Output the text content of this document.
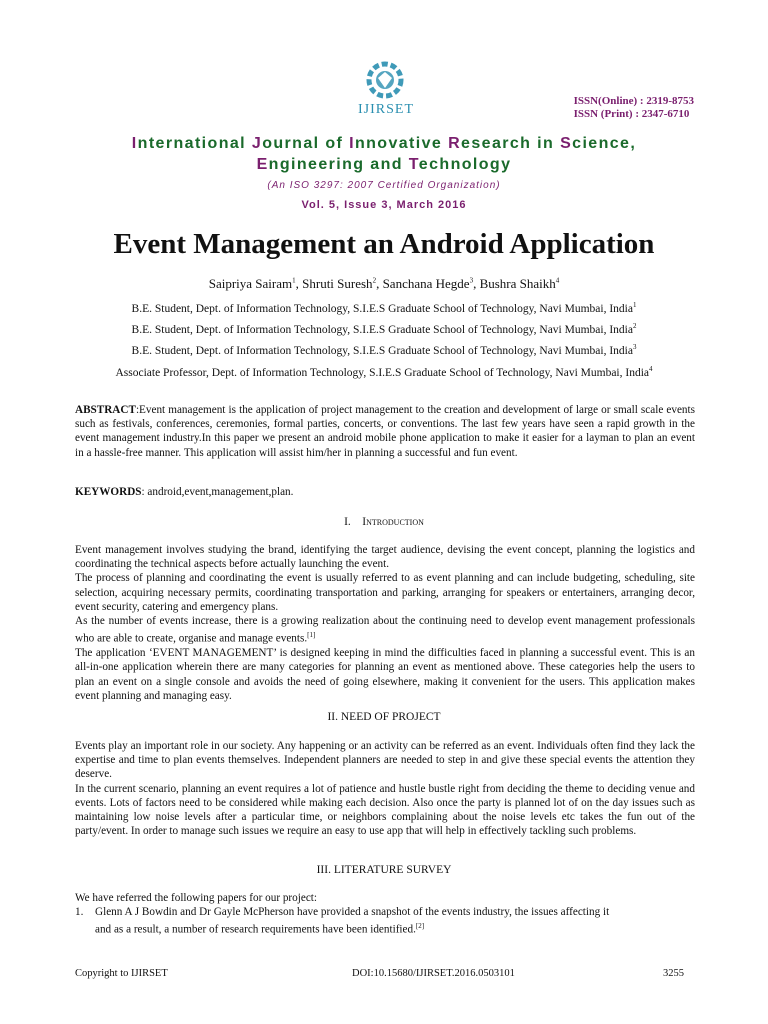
IJIRSET
ISSN(Online) : 2319-8753
ISSN (Print) : 2347-6710
International Journal of Innovative Research in Science,
Engineering and Technology
(An ISO 3297: 2007 Certified Organization)
Vol. 5, Issue 3, March 2016
Event Management an Android Application
Saipriya Sairam$^1$, Shruti Suresh$^2$, Sanchana Hegde$^3$, Bushra Shaikh$^4$
B.E. Student, Dept. of Information Technology, S.I.E.S Graduate School of Technology, Navi Mumbai, India$^1$
B.E. Student, Dept. of Information Technology, S.I.E.S Graduate School of Technology, Navi Mumbai, India$^2$
B.E. Student, Dept. of Information Technology, S.I.E.S Graduate School of Technology, Navi Mumbai, India$^3$
Associate Professor, Dept. of Information Technology, S.I.E.S Graduate School of Technology, Navi Mumbai, India$^4$
ABSTRACT:Event management is the application of project management to the creation and development of large or small scale events such as festivals, conferences, ceremonies, formal parties, concerts, or conventions. The last few years have seen a rapid growth in the event management industry.In this paper we present an android mobile phone application to make it easier for a layman to plan an event in a hassle-free manner. This application will assist him/her in planning a successful and fun event.
KEYWORDS: android,event,management,plan.
I. Introduction
Event management involves studying the brand, identifying the target audience, devising the event concept, planning the logistics and coordinating the technical aspects before actually launching the event.
The process of planning and coordinating the event is usually referred to as event planning and can include budgeting, scheduling, site selection, acquiring necessary permits, coordinating transportation and parking, arranging for speakers or entertainers, arranging decor, event security, catering and emergency plans.
As the number of events increase, there is a growing realization about the continuing need to develop event management professionals who are able to create, organise and manage events.[1]
The application ‘EVENT MANAGEMENT’ is designed keeping in mind the difficulties faced in planning a successful event. This is an all-in-one application wherein there are many categories for planning an event as mentioned above. These categories help the users to plan an event on a single console and avoids the need of going elsewhere, making it convenient for the users. This application makes event planning and managing easy.
II. NEED OF PROJECT
Events play an important role in our society. Any happening or an activity can be referred as an event. Individuals often find they lack the expertise and time to plan events themselves. Independent planners are needed to step in and give these special events the attention they deserve.
In the current scenario, planning an event requires a lot of patience and hustle bustle right from deciding the theme to deciding venue and events. Lots of factors need to be considered while making each decision. Also once the party is planned lot of on the day issues such as maintaining low noise levels after a particular time, or neighbors complaining about the noise levels etc takes the fun out of the party/event. In order to manage such issues we require an easy to use app that will help in effectively tackling such problems.
III. LITERATURE SURVEY
We have referred the following papers for our project:
1.	Glenn A J Bowdin and Dr Gayle McPherson have provided a snapshot of the events industry, the issues affecting it
and as a result, a number of research requirements have been identified.[2]
Copyright to IJIRSET	DOI:10.15680/IJIRSET.2016.0503101	3255
